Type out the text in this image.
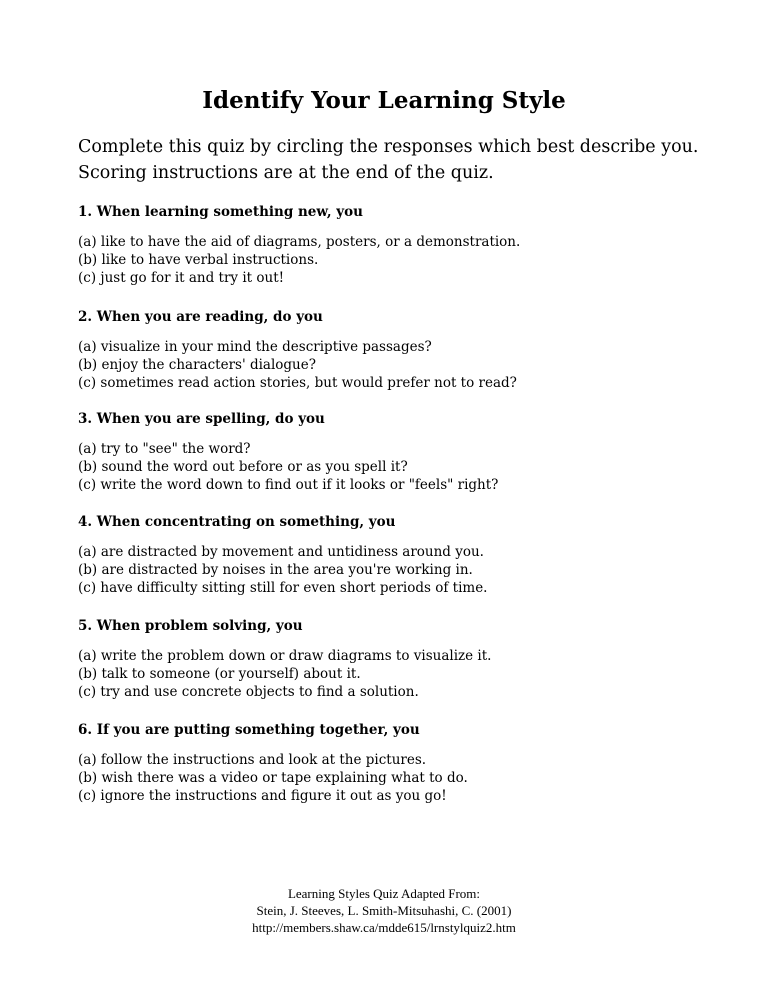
Identify Your Learning Style

Complete this quiz by circling the responses which best describe you.
Scoring instructions are at the end of the quiz.

1. When learning something new, you

(a) like to have the aid of diagrams, posters, or a demonstration.
(b) like to have verbal instructions.
(c) just go for it and try it out!

2. When you are reading, do you

(a) visualize in your mind the descriptive passages?
(b) enjoy the characters' dialogue?
(c) sometimes read action stories, but would prefer not to read?

3. When you are spelling, do you

(a) try to "see" the word?
(b) sound the word out before or as you spell it?
(c) write the word down to find out if it looks or "feels" right?

4. When concentrating on something, you

(a) are distracted by movement and untidiness around you.
(b) are distracted by noises in the area you're working in.
(c) have difficulty sitting still for even short periods of time.

5. When problem solving, you

(a) write the problem down or draw diagrams to visualize it.
(b) talk to someone (or yourself) about it.
(c) try and use concrete objects to find a solution.

6. If you are putting something together, you

(a) follow the instructions and look at the pictures.
(b) wish there was a video or tape explaining what to do.
(c) ignore the instructions and figure it out as you go!
Learning Styles Quiz Adapted From:
Stein, J. Steeves, L. Smith-Mitsuhashi, C. (2001)
http://members.shaw.ca/mdde615/lrnstylquiz2.htm
